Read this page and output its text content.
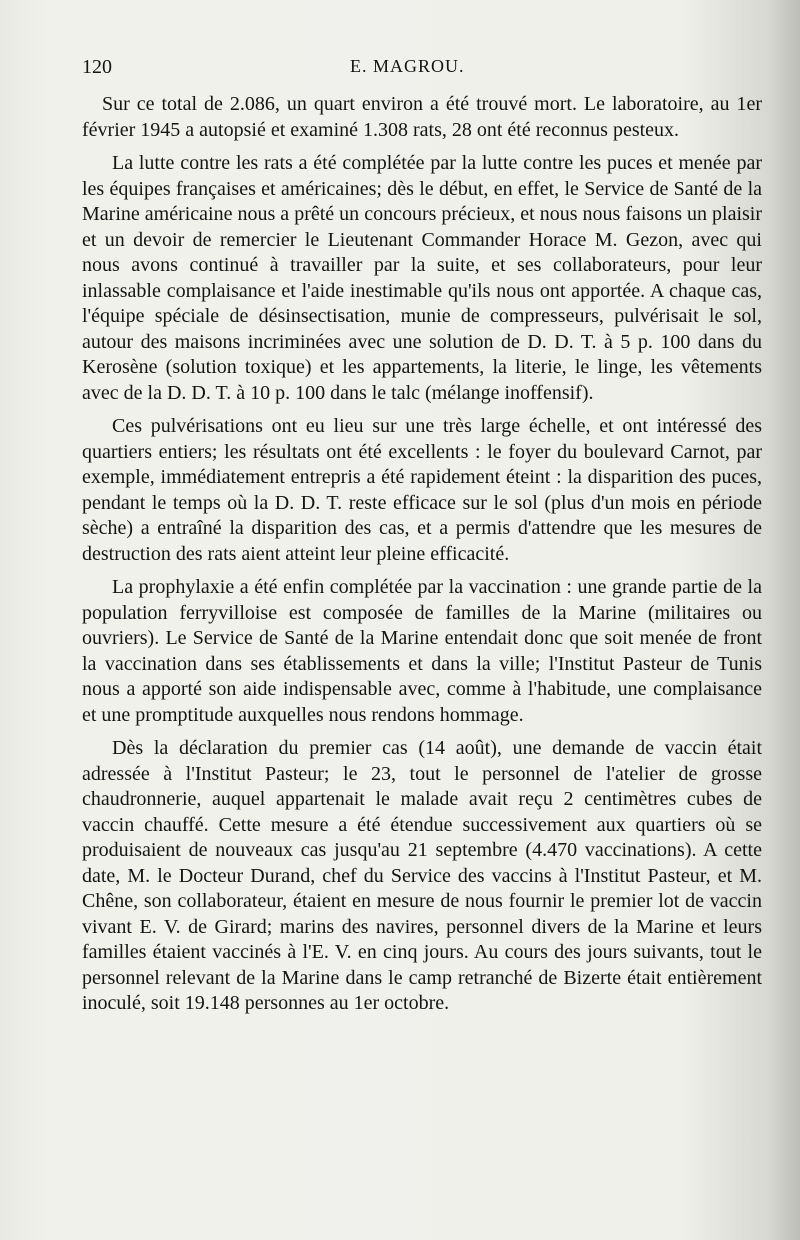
120	E. MAGROU.

Sur ce total de 2.086, un quart environ a été trouvé mort. Le laboratoire, au 1er février 1945 a autopsié et examiné 1.308 rats, 28 ont été reconnus pesteux.

La lutte contre les rats a été complétée par la lutte contre les puces et menée par les équipes françaises et américaines; dès le début, en effet, le Service de Santé de la Marine américaine nous a prêté un concours précieux, et nous nous faisons un plaisir et un devoir de remercier le Lieutenant Commander Horace M. Gezon, avec qui nous avons continué à travailler par la suite, et ses collaborateurs, pour leur inlassable complaisance et l'aide inestimable qu'ils nous ont apportée. A chaque cas, l'équipe spéciale de désinsectisation, munie de compresseurs, pulvérisait le sol, autour des maisons incriminées avec une solution de D. D. T. à 5 p. 100 dans du Kerosène (solution toxique) et les appartements, la literie, le linge, les vêtements avec de la D. D. T. à 10 p. 100 dans le talc (mélange inoffensif).

Ces pulvérisations ont eu lieu sur une très large échelle, et ont intéressé des quartiers entiers; les résultats ont été excellents : le foyer du boulevard Carnot, par exemple, immédiatement entrepris a été rapidement éteint : la disparition des puces, pendant le temps où la D. D. T. reste efficace sur le sol (plus d'un mois en période sèche) a entraîné la disparition des cas, et a permis d'attendre que les mesures de destruction des rats aient atteint leur pleine efficacité.

La prophylaxie a été enfin complétée par la vaccination : une grande partie de la population ferryvilloise est composée de familles de la Marine (militaires ou ouvriers). Le Service de Santé de la Marine entendait donc que soit menée de front la vaccination dans ses établissements et dans la ville; l'Institut Pasteur de Tunis nous a apporté son aide indispensable avec, comme à l'habitude, une complaisance et une promptitude auxquelles nous rendons hommage.

Dès la déclaration du premier cas (14 août), une demande de vaccin était adressée à l'Institut Pasteur; le 23, tout le personnel de l'atelier de grosse chaudronnerie, auquel appartenait le malade avait reçu 2 centimètres cubes de vaccin chauffé. Cette mesure a été étendue successivement aux quartiers où se produisaient de nouveaux cas jusqu'au 21 septembre (4.470 vaccinations). A cette date, M. le Docteur Durand, chef du Service des vaccins à l'Institut Pasteur, et M. Chêne, son collaborateur, étaient en mesure de nous fournir le premier lot de vaccin vivant E. V. de Girard; marins des navires, personnel divers de la Marine et leurs familles étaient vaccinés à l'E. V. en cinq jours. Au cours des jours suivants, tout le personnel relevant de la Marine dans le camp retranché de Bizerte était entièrement inoculé, soit 19.148 personnes au 1er octobre.
